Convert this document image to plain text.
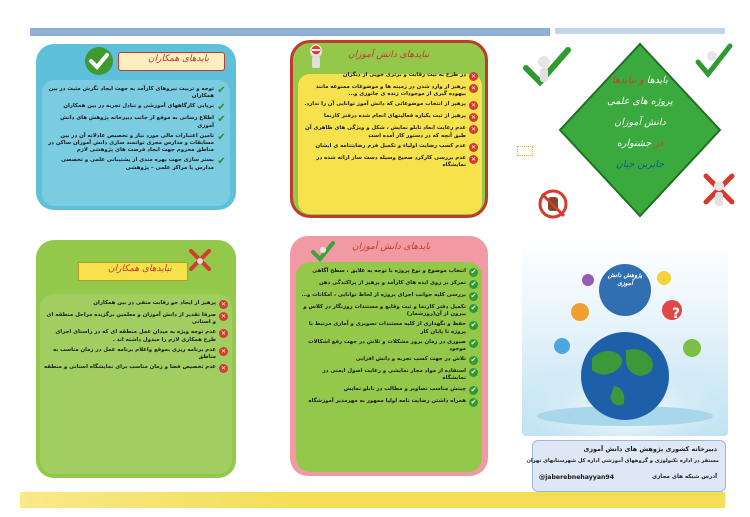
بایدهای همکاران
✔
توجه و تربیت نیروهای کارآمد به جهت ایجاد نگرش مثبت در بین همکاران
✔
برپایی کارگاههای آموزشی و تبادل تجربه در بین همکاران
✔
اطلاع رسانی به موقع از جانب دبیرخانه پژوهش های دانش آموزی
✔
تامین اعتبارات مالی مورد نیاز و تخصیص عادلانه آن در بین مسابقات و مدارس مجری توانمند سازی دانش آموزان ساکن در مناطق محروم جهت ایجاد فرصت های پژوهشی لازم
✔
بستر سازی جهت بهره مندی از پشتیبانی علمی و تخصصی مدارس یا مراکز علمی – پژوهشی
نبایدهای دانش آموزان
✕
در طرح به نیت رقابت و برتری جویی از دیگران
✕
پرهیز از وارد شدن در زمینه ها و موضوعات ممنوعه مانند بیهوده گیری از موجودات زنده ی جانوری و…
✕
پرهیز از انتخاب موضوعاتی که دانش آموز توانایی آن را ندارد.
✕
پرهیز از ثبت یکباره فعالیتهای انجام شده درفتر کارنما
✕
عدم رعایت ابعاد تابلو نمایش ، شکل و ویژگی های ظاهری آن طبق آنچه که در دستور کار آمده است
✕
عدم کسب رضایت اولیاء و تکمیل فرم رضایتنامه ی ایشان
✕
عدم بررسی کارکرد صحیح وسیله دست ساز ارائه شده در نمایشگاه
نبایدهای همکاران
✕
پرهیز از ایجاد جو رقابت منفی در بین همکاران
✕
صرفا تقدیر از دانش آموزان و معلمین برگزیده مراحل منطقه ای و استانی
✕
عدم توجه ویژه به میدان عمل منطقه ای که در راستای اجرای طرح همکاری لازم را مبذول داشته اند .
✕
عدم برنامه ریزی بموقع واعلام برنامه عمل در زمان مناسب به مناطق
✕
عدم تخصیص فضا و زمان مناسب برای نمایشگاه استانی و منطقه
بایدهای دانش آموزان
✔
انتخاب موضوع و نوع پروژه با توجه به علایق ، سطح آگاهی
✔
تمرکز بر روی ایده های کارآمد و پرهیز از پراکندگی ذهن
✔
بررسی کلیه جوانب اجرای پروژه از لحاظ توانایی ، امکانات و…
✔
تکمیل دفتر کارنما و ثبت وقایع و مستندات روزنگار در کلاس و بیرون از آن(روزشمار)
✔
حفظ و نگهداری از کلیه مستندات تصویری و آماری مرتبط با پروژه تا پایان کار
✔
صبوری در زمان بروز مشکلات و تلاش در جهت رفع اشکالات موجود
✔
تلاش در جهت کسب تجربه و دانش افزایی
✔
استفاده از مواد مجاز نمایشی و رعایت اصول ایمنی در نمایشگاه
✔
چینش مناسب تصاویر و مطالب در تابلو نمایش
✔
همراه داشتن رضایت نامه اولیا ممهور به مهرمدیر آموزشگاه
بایدها و نبایدها
پروژه های علمی
دانش آموزان
در جشنواره
جابربن حیان
?
پژوهش دانش آموزی
دبیرخانه کشوری پژوهش های دانش آموزی
مستقر در اداره تکنولوژی و گروههای آموزشی اداره کل شهرستانهای تهران
آدرس شبکه های مجازی
@jaberebnehayyan94
